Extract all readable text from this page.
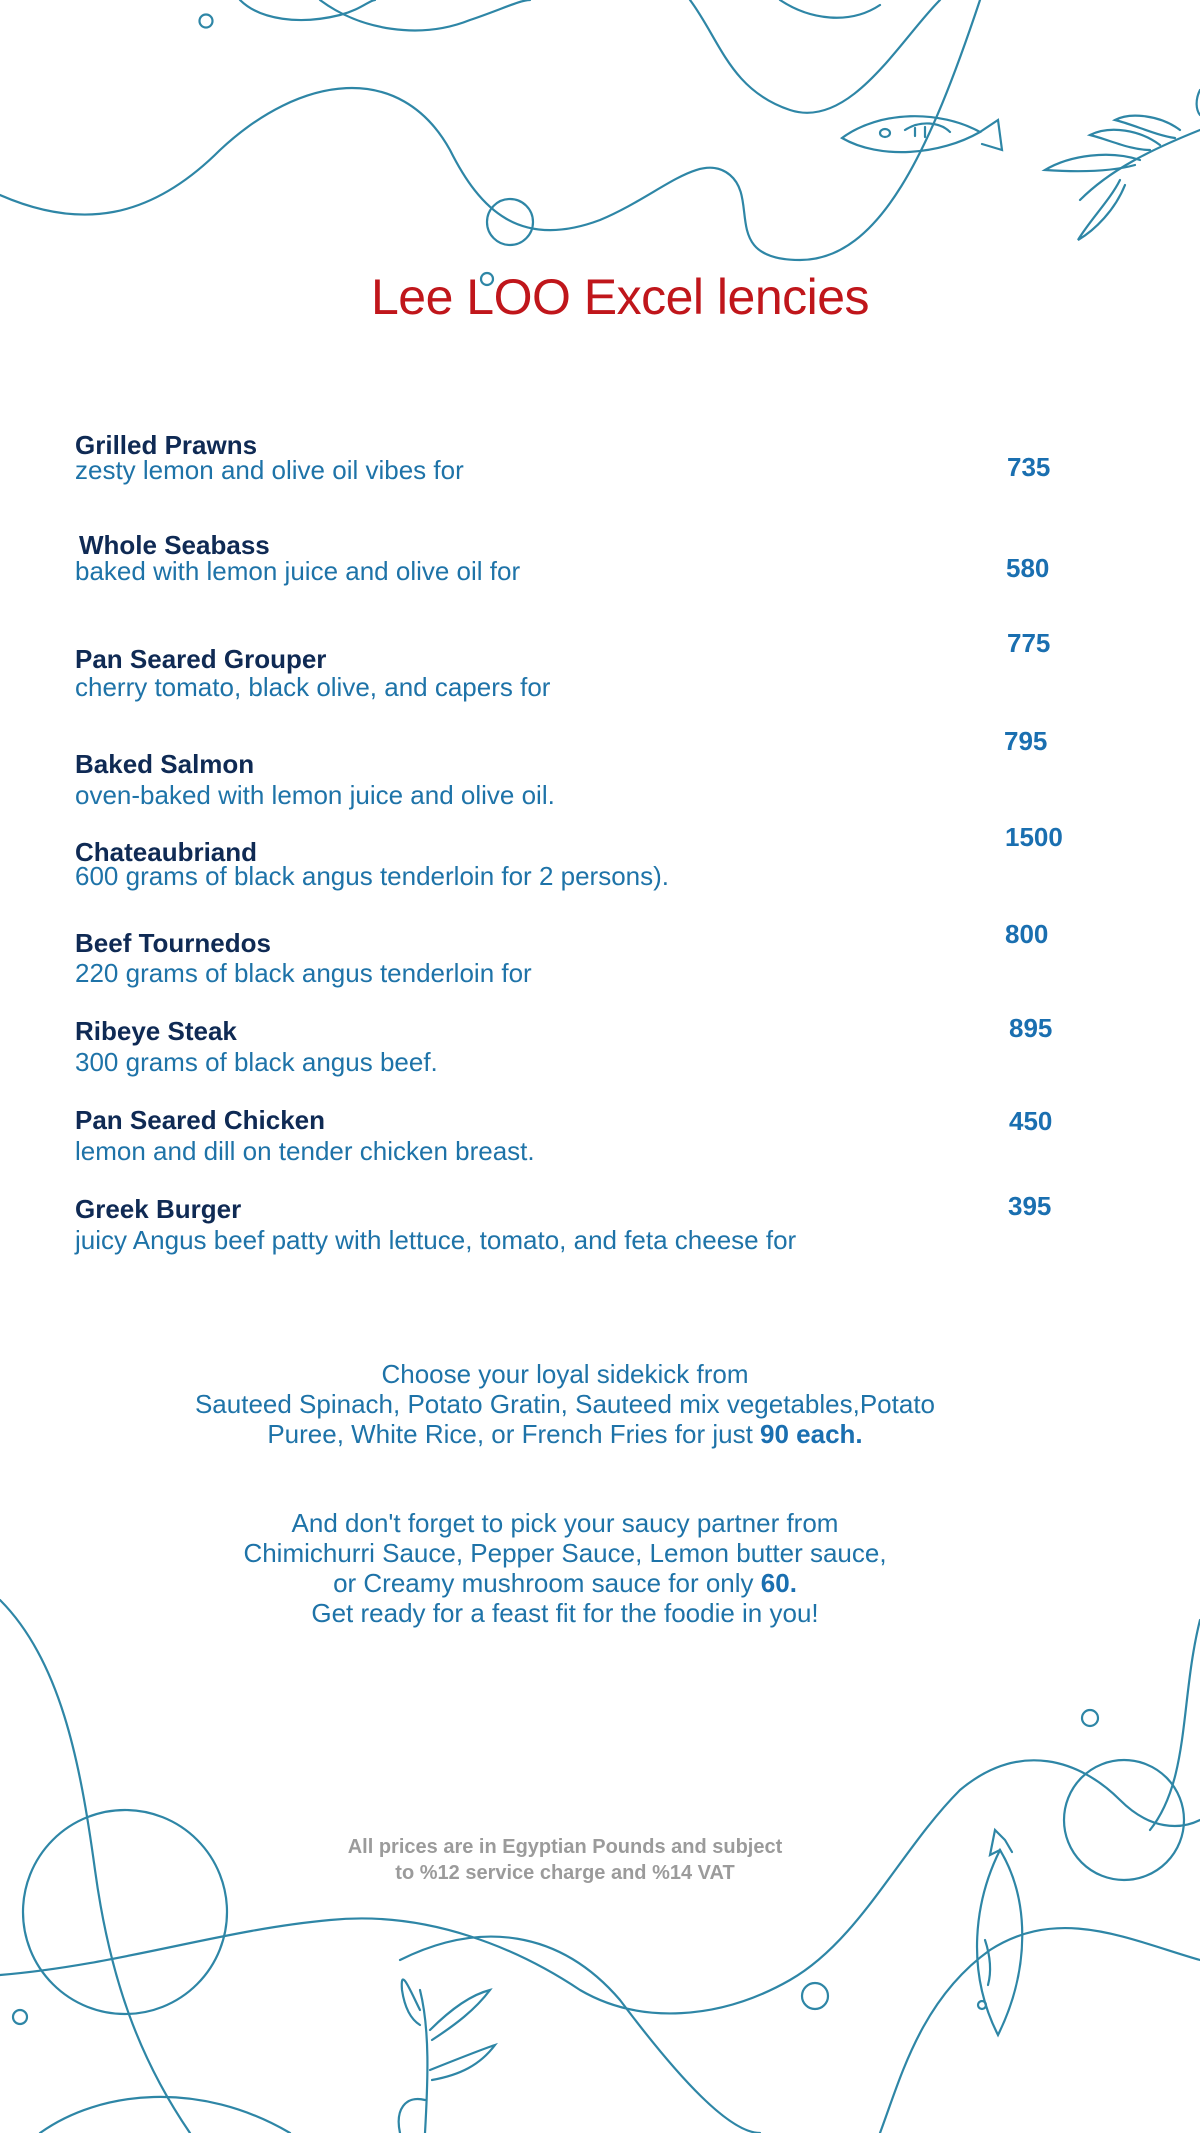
Lee LOO Excel lencies
Grilled Prawns
zesty lemon and olive oil vibes for	735
Whole Seabass
baked with lemon juice and olive oil for	580
Pan Seared Grouper
cherry tomato, black olive, and capers for
775
Baked Salmon
oven-baked with lemon juice and olive oil.
795
Chateaubriand
600 grams of black angus tenderloin for 2 persons).
1500
Beef Tournedos
220 grams of black angus tenderloin for
800
Ribeye Steak
300 grams of black angus beef.
895
Pan Seared Chicken
lemon and dill on tender chicken breast.
450
Greek Burger
juicy Angus beef patty with lettuce, tomato, and feta cheese for
395
Choose your loyal sidekick from
Sauteed Spinach, Potato Gratin, Sauteed mix vegetables,Potato
Puree, White Rice, or French Fries for just 90 each.
And don't forget to pick your saucy partner from
Chimichurri Sauce, Pepper Sauce, Lemon butter sauce,
or Creamy mushroom sauce for only 60.
Get ready for a feast fit for the foodie in you!
All prices are in Egyptian Pounds and subject
to %12 service charge and %14 VAT
